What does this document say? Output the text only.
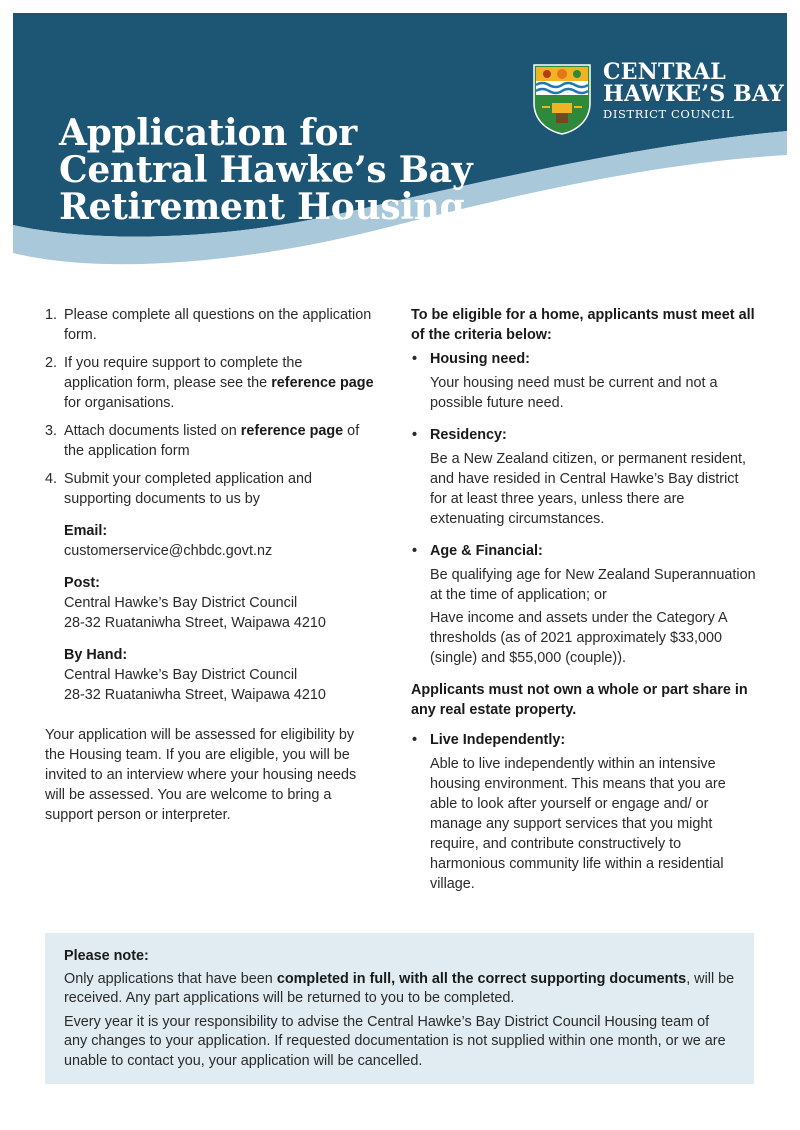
CENTRAL
HAWKE’S BAY
DISTRICT COUNCIL
Application for
Central Hawke’s Bay
Retirement Housing
1. Please complete all questions on the application form.
2. If you require support to complete the application form, please see the reference page for organisations.
3. Attach documents listed on reference page of the application form
4. Submit your completed application and supporting documents to us by
Email:
customerservice@chbdc.govt.nz
Post:
Central Hawke’s Bay District Council
28-32 Ruataniwha Street, Waipawa 4210
By Hand:
Central Hawke’s Bay District Council
28-32 Ruataniwha Street, Waipawa 4210

Your application will be assessed for eligibility by the Housing team. If you are eligible, you will be invited to an interview where your housing needs will be assessed. You are welcome to bring a support person or interpreter.

To be eligible for a home, applicants must meet all of the criteria below:
• Housing need:
Your housing need must be current and not a possible future need.
• Residency:
Be a New Zealand citizen, or permanent resident, and have resided in Central Hawke’s Bay district for at least three years, unless there are extenuating circumstances.
• Age & Financial:
Be qualifying age for New Zealand Superannuation at the time of application; or
Have income and assets under the Category A thresholds (as of 2021 approximately $33,000 (single) and $55,000 (couple)).
Applicants must not own a whole or part share in any real estate property.
• Live Independently:
Able to live independently within an intensive housing environment. This means that you are able to look after yourself or engage and/ or manage any support services that you might require, and contribute constructively to harmonious community life within a residential village.
Please note:

Only applications that have been completed in full, with all the correct supporting documents, will be received. Any part applications will be returned to you to be completed.

Every year it is your responsibility to advise the Central Hawke’s Bay District Council Housing team of any changes to your application. If requested documentation is not supplied within one month, or we are unable to contact you, your application will be cancelled.
